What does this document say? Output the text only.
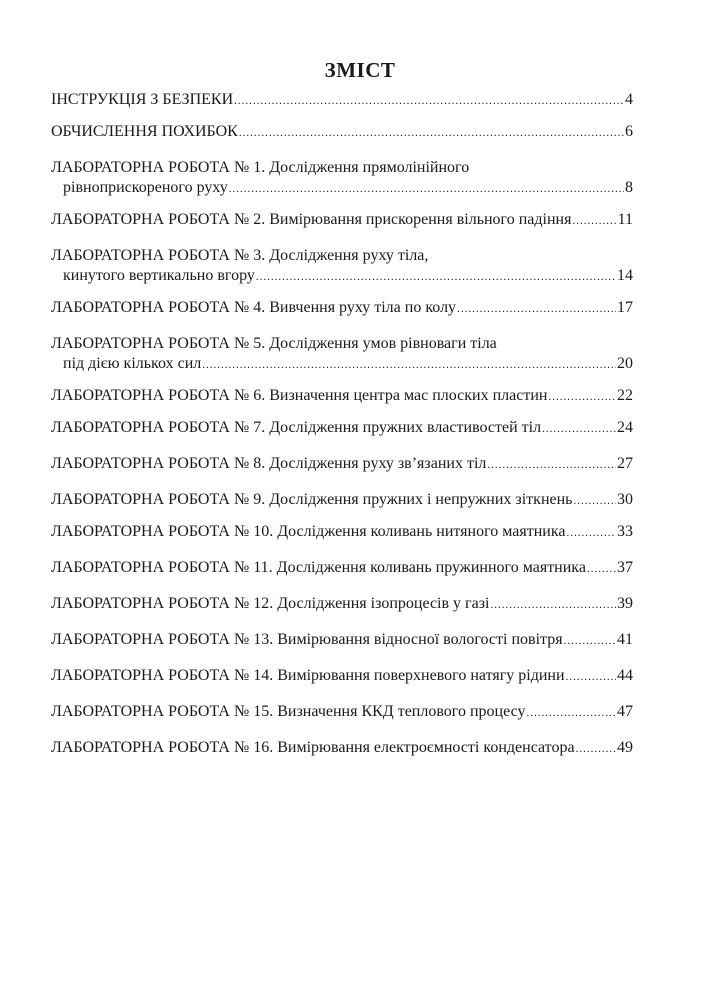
ЗМІСТ
ІНСТРУКЦІЯ З БЕЗПЕКИ .....	4
ОБЧИСЛЕННЯ ПОХИБОК .....	6
ЛАБОРАТОРНА РОБОТА № 1. Дослідження прямолінійного
рівноприскореного руху .....	8
ЛАБОРАТОРНА РОБОТА № 2. Вимірювання прискорення вільного падіння .....	11
ЛАБОРАТОРНА РОБОТА № 3. Дослідження руху тіла,
кинутого вертикально вгору .....	14
ЛАБОРАТОРНА РОБОТА № 4. Вивчення руху тіла по колу .....	17
ЛАБОРАТОРНА РОБОТА № 5. Дослідження умов рівноваги тіла
під дією кількох сил .....	20
ЛАБОРАТОРНА РОБОТА № 6. Визначення центра мас плоских пластин .....	22
ЛАБОРАТОРНА РОБОТА № 7. Дослідження пружних властивостей тіл .....	24
ЛАБОРАТОРНА РОБОТА № 8. Дослідження руху зв’язаних тіл .....	27
ЛАБОРАТОРНА РОБОТА № 9. Дослідження пружних і непружних зіткнень .....	30
ЛАБОРАТОРНА РОБОТА № 10. Дослідження коливань нитяного маятника .....	33
ЛАБОРАТОРНА РОБОТА № 11. Дослідження коливань пружинного маятника ..... 37
ЛАБОРАТОРНА РОБОТА № 12. Дослідження ізопроцесів у газі .....	39
ЛАБОРАТОРНА РОБОТА № 13. Вимірювання відносної вологості повітря .....	41
ЛАБОРАТОРНА РОБОТА № 14. Вимірювання поверхневого натягу рідини .....	44
ЛАБОРАТОРНА РОБОТА № 15. Визначення ККД теплового процесу .....	47
ЛАБОРАТОРНА РОБОТА № 16. Вимірювання електроємності конденсатора .....	49
